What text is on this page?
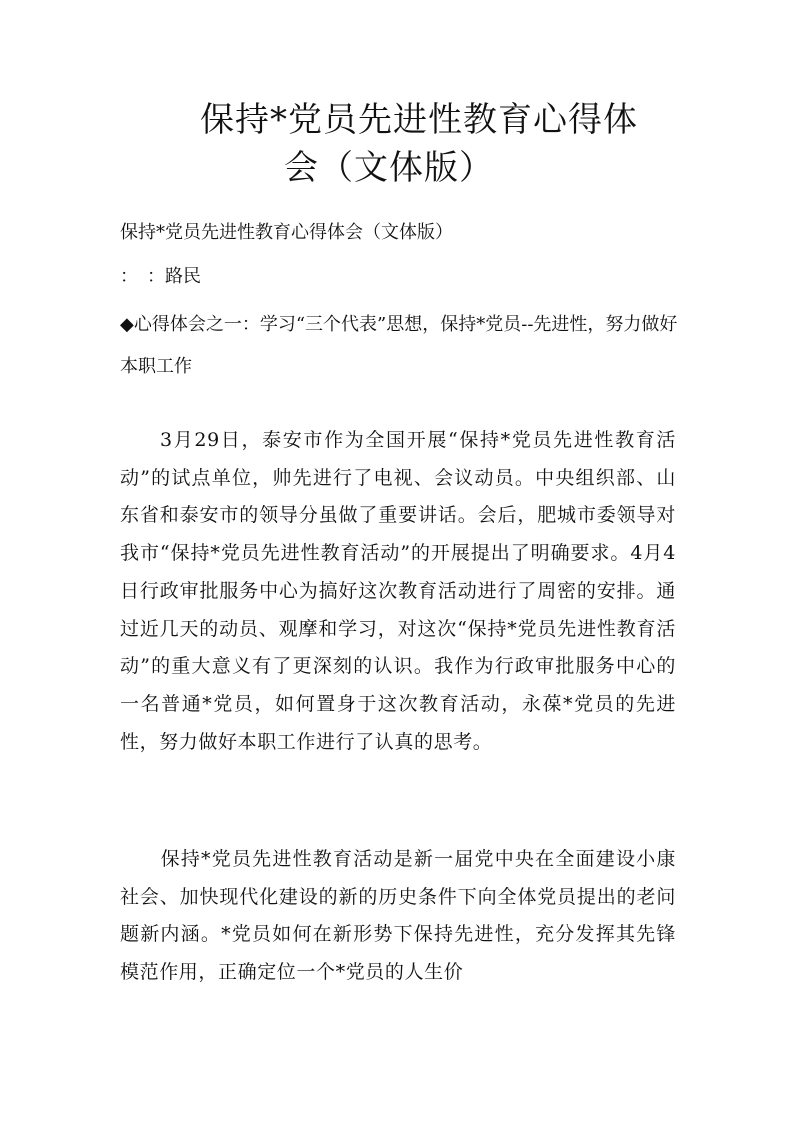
保持*党员先进性教育心得体
会（文体版）

保持*党员先进性教育心得体会（文体版）

：　：路民

◆心得体会之一：学习“三个代表”思想，保持*党员--先进性，努力做好本职工作

3月29日，泰安市作为全国开展“保持*党员先进性教育活动”的试点单位，帅先进行了电视、会议动员。中央组织部、山东省和泰安市的领导分虽做了重要讲话。会后，肥城市委领导对我市“保持*党员先进性教育活动”的开展提出了明确要求。4月4日行政审批服务中心为搞好这次教育活动进行了周密的安排。通过近几天的动员、观摩和学习，对这次“保持*党员先进性教育活动”的重大意义有了更深刻的认识。我作为行政审批服务中心的一名普通*党员，如何置身于这次教育活动，永葆*党员的先进性，努力做好本职工作进行了认真的思考。

保持*党员先进性教育活动是新一届党中央在全面建设小康社会、加快现代化建设的新的历史条件下向全体党员提出的老问题新内涵。*党员如何在新形势下保持先进性，充分发挥其先锋模范作用，正确定位一个*党员的人生价
